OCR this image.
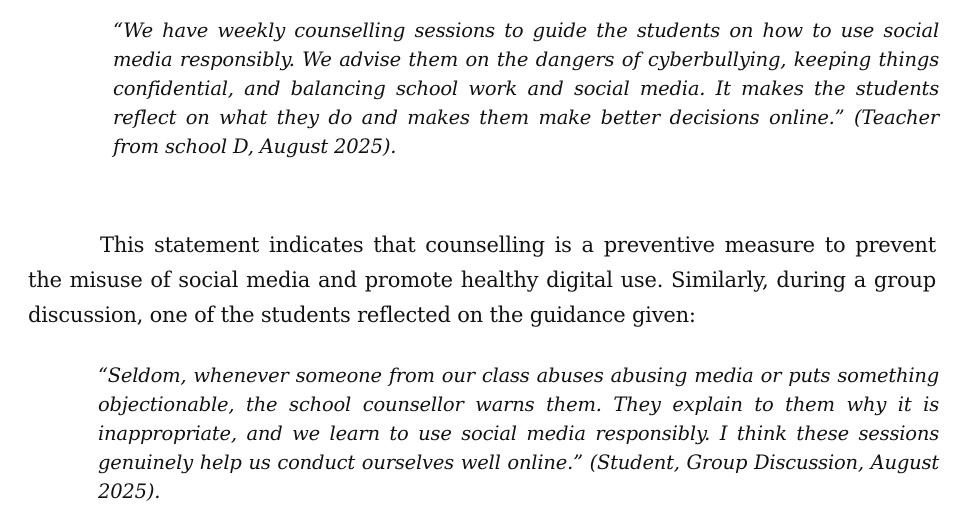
“We have weekly counselling sessions to guide the students on how to use social media responsibly. We advise them on the dangers of cyberbullying, keeping things confidential, and balancing school work and social media. It makes the students reflect on what they do and makes them make better decisions online.” (Teacher from school D, August 2025).

This statement indicates that counselling is a preventive measure to prevent the misuse of social media and promote healthy digital use. Similarly, during a group discussion, one of the students reflected on the guidance given:

“Seldom, whenever someone from our class abuses abusing media or puts something objectionable, the school counsellor warns them. They explain to them why it is inappropriate, and we learn to use social media responsibly. I think these sessions genuinely help us conduct ourselves well online.” (Student, Group Discussion, August 2025).
